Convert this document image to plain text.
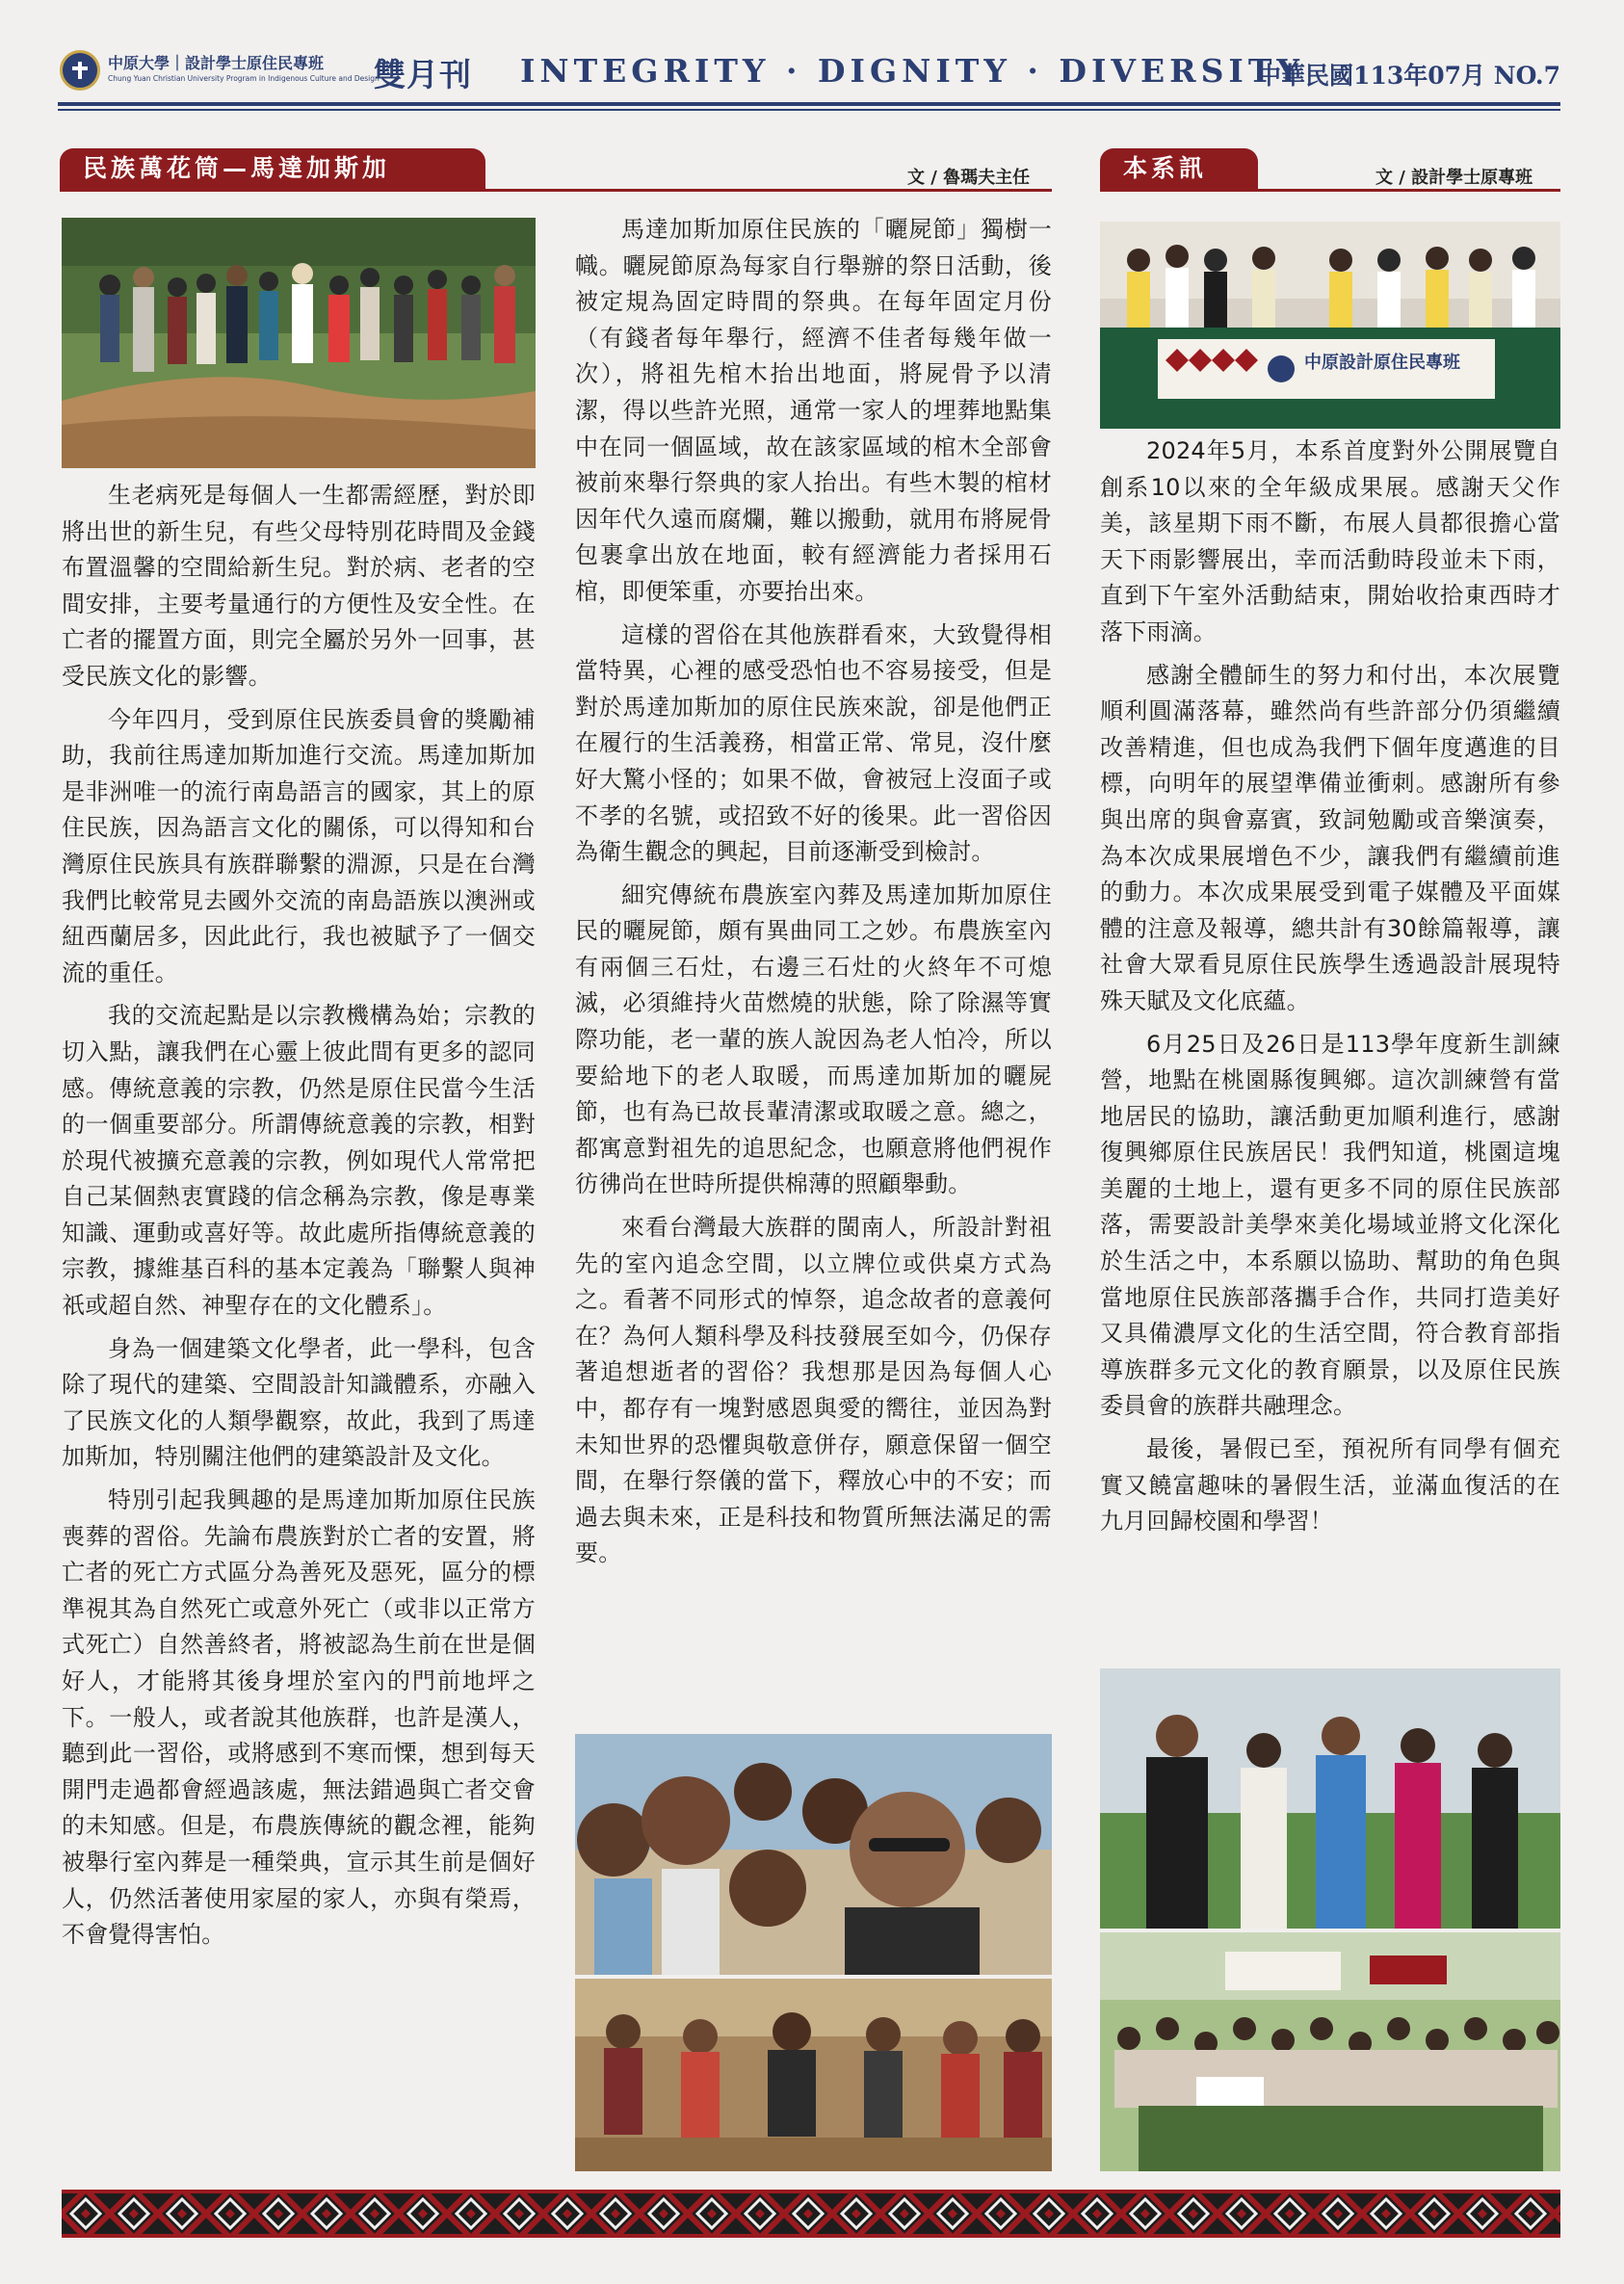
中原大學｜設計學士原住民專班
Chung Yuan Christian University Program in Indigenous Culture and Design
雙月刊 INTEGRITY · DIGNITY · DIVERSITY
中華民國113年07月 NO.7
民族萬花筒—馬達加斯加	文 / 魯瑪夫主任	本系訊	文 / 設計學士原專班

生老病死是每個人一生都需經歷，對於即將出世的新生兒，有些父母特別花時間及金錢布置溫馨的空間給新生兒。對於病、老者的空間安排，主要考量通行的方便性及安全性。在亡者的擺置方面，則完全屬於另外一回事，甚受民族文化的影響。

今年四月，受到原住民族委員會的獎勵補助，我前往馬達加斯加進行交流。馬達加斯加是非洲唯一的流行南島語言的國家，其上的原住民族，因為語言文化的關係，可以得知和台灣原住民族具有族群聯繫的淵源，只是在台灣我們比較常見去國外交流的南島語族以澳洲或紐西蘭居多，因此此行，我也被賦予了一個交流的重任。

我的交流起點是以宗教機構為始；宗教的切入點，讓我們在心靈上彼此間有更多的認同感。傳統意義的宗教，仍然是原住民當今生活的一個重要部分。所謂傳統意義的宗教，相對於現代被擴充意義的宗教，例如現代人常常把自己某個熱衷實踐的信念稱為宗教，像是專業知識、運動或喜好等。故此處所指傳統意義的宗教，據維基百科的基本定義為「聯繫人與神祇或超自然、神聖存在的文化體系」。

身為一個建築文化學者，此一學科，包含除了現代的建築、空間設計知識體系，亦融入了民族文化的人類學觀察，故此，我到了馬達加斯加，特別關注他們的建築設計及文化。

特別引起我興趣的是馬達加斯加原住民族喪葬的習俗。先論布農族對於亡者的安置，將亡者的死亡方式區分為善死及惡死，區分的標準視其為自然死亡或意外死亡（或非以正常方式死亡）自然善終者，將被認為生前在世是個好人，才能將其後身埋於室內的門前地坪之下。一般人，或者說其他族群，也許是漢人，聽到此一習俗，或將感到不寒而慄，想到每天開門走過都會經過該處，無法錯過與亡者交會的未知感。但是，布農族傳統的觀念裡，能夠被舉行室內葬是一種榮典，宣示其生前是個好人，仍然活著使用家屋的家人，亦與有榮焉，不會覺得害怕。

馬達加斯加原住民族的「曬屍節」獨樹一幟。曬屍節原為每家自行舉辦的祭日活動，後被定規為固定時間的祭典。在每年固定月份（有錢者每年舉行，經濟不佳者每幾年做一次），將祖先棺木抬出地面，將屍骨予以清潔，得以些許光照，通常一家人的埋葬地點集中在同一個區域，故在該家區域的棺木全部會被前來舉行祭典的家人抬出。有些木製的棺材因年代久遠而腐爛，難以搬動，就用布將屍骨包裹拿出放在地面，較有經濟能力者採用石棺，即便笨重，亦要抬出來。

這樣的習俗在其他族群看來，大致覺得相當特異，心裡的感受恐怕也不容易接受，但是對於馬達加斯加的原住民族來說，卻是他們正在履行的生活義務，相當正常、常見，沒什麼好大驚小怪的；如果不做，會被冠上沒面子或不孝的名號，或招致不好的後果。此一習俗因為衛生觀念的興起，目前逐漸受到檢討。

細究傳統布農族室內葬及馬達加斯加原住民的曬屍節，頗有異曲同工之妙。布農族室內有兩個三石灶，右邊三石灶的火終年不可熄滅，必須維持火苗燃燒的狀態，除了除濕等實際功能，老一輩的族人說因為老人怕冷，所以要給地下的老人取暖，而馬達加斯加的曬屍節，也有為已故長輩清潔或取暖之意。總之，都寓意對祖先的追思紀念，也願意將他們視作彷彿尚在世時所提供棉薄的照顧舉動。

來看台灣最大族群的閩南人，所設計對祖先的室內追念空間，以立牌位或供桌方式為之。看著不同形式的悼祭，追念故者的意義何在？為何人類科學及科技發展至如今，仍保存著追想逝者的習俗？我想那是因為每個人心中，都存有一塊對感恩與愛的嚮往，並因為對未知世界的恐懼與敬意併存，願意保留一個空間，在舉行祭儀的當下，釋放心中的不安；而過去與未來，正是科技和物質所無法滿足的需要。

中原設計原住民專班

2024年5月，本系首度對外公開展覽自創系10以來的全年級成果展。感謝天父作美，該星期下雨不斷，布展人員都很擔心當天下雨影響展出，幸而活動時段並未下雨，直到下午室外活動結束，開始收拾東西時才落下雨滴。

感謝全體師生的努力和付出，本次展覽順利圓滿落幕，雖然尚有些許部分仍須繼續改善精進，但也成為我們下個年度邁進的目標，向明年的展望準備並衝刺。感謝所有參與出席的與會嘉賓，致詞勉勵或音樂演奏，為本次成果展增色不少，讓我們有繼續前進的動力。本次成果展受到電子媒體及平面媒體的注意及報導，總共計有30餘篇報導，讓社會大眾看見原住民族學生透過設計展現特殊天賦及文化底蘊。

6月25日及26日是113學年度新生訓練營，地點在桃園縣復興鄉。這次訓練營有當地居民的協助，讓活動更加順利進行，感謝復興鄉原住民族居民！我們知道，桃園這塊美麗的土地上，還有更多不同的原住民族部落，需要設計美學來美化場域並將文化深化於生活之中，本系願以協助、幫助的角色與當地原住民族部落攜手合作，共同打造美好又具備濃厚文化的生活空間，符合教育部指導族群多元文化的教育願景，以及原住民族委員會的族群共融理念。

最後，暑假已至，預祝所有同學有個充實又饒富趣味的暑假生活，並滿血復活的在九月回歸校園和學習！
